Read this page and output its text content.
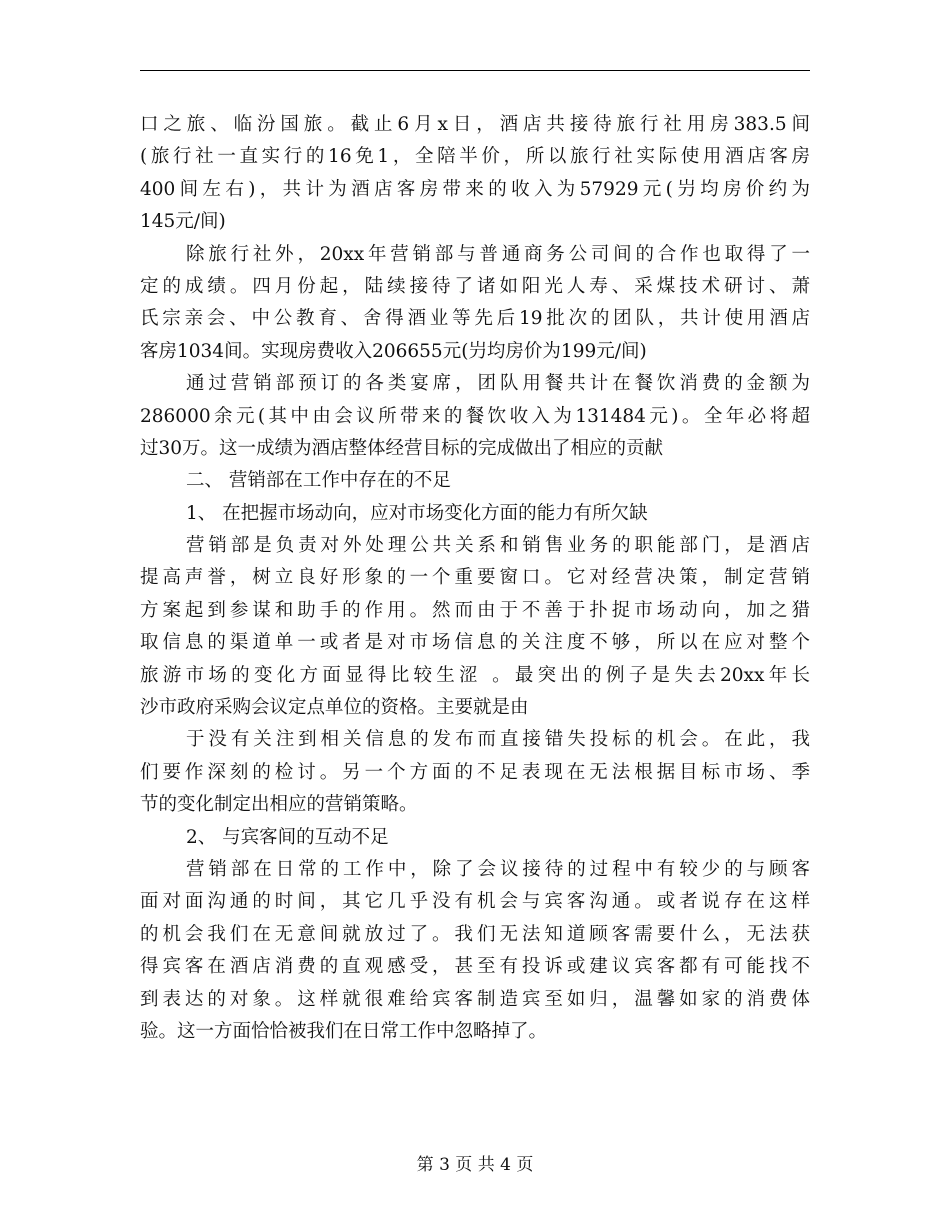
口之旅、临汾国旅。截止6月x日，酒店共接待旅行社用房383.5间
(旅行社一直实行的16免1，全陪半价，所以旅行社实际使用酒店客房
400间左右)，共计为酒店客房带来的收入为57929元(屶均房价约为
145元/间)
除旅行社外，20xx年营销部与普通商务公司间的合作也取得了一
定的成绩。四月份起，陆续接待了诸如阳光人寿、采煤技术研讨、萧
氏宗亲会、中公教育、舍得酒业等先后19批次的团队，共计使用酒店
客房1034间。实现房费收入206655元(屶均房价为199元/间)
通过营销部预订的各类宴席，团队用餐共计在餐饮消费的金额为
286000余元(其中由会议所带来的餐饮收入为131484元)。全年必将超
过30万。这一成绩为酒店整体经营目标的完成做出了相应的贡献
二、 营销部在工作中存在的不足
1、 在把握市场动向，应对市场变化方面的能力有所欠缺
营销部是负责对外处理公共关系和销售业务的职能部门，是酒店
提高声誉，树立良好形象的一个重要窗口。它对经营决策，制定营销
方案起到参谋和助手的作用。然而由于不善于扑捉市场动向，加之猎
取信息的渠道单一或者是对市场信息的关注度不够，所以在应对整个
旅游市场的变化方面显得比较生涩 。最突出的例子是失去20xx年长
沙市政府采购会议定点单位的资格。主要就是由
于没有关注到相关信息的发布而直接错失投标的机会。在此，我
们要作深刻的检讨。另一个方面的不足表现在无法根据目标市场、季
节的变化制定出相应的营销策略。
2、 与宾客间的互动不足
营销部在日常的工作中，除了会议接待的过程中有较少的与顾客
面对面沟通的时间，其它几乎没有机会与宾客沟通。或者说存在这样
的机会我们在无意间就放过了。我们无法知道顾客需要什么，无法获
得宾客在酒店消费的直观感受，甚至有投诉或建议宾客都有可能找不
到表达的对象。这样就很难给宾客制造宾至如归，温馨如家的消费体
验。这一方面恰恰被我们在日常工作中忽略掉了。
第 3 页 共 4 页
